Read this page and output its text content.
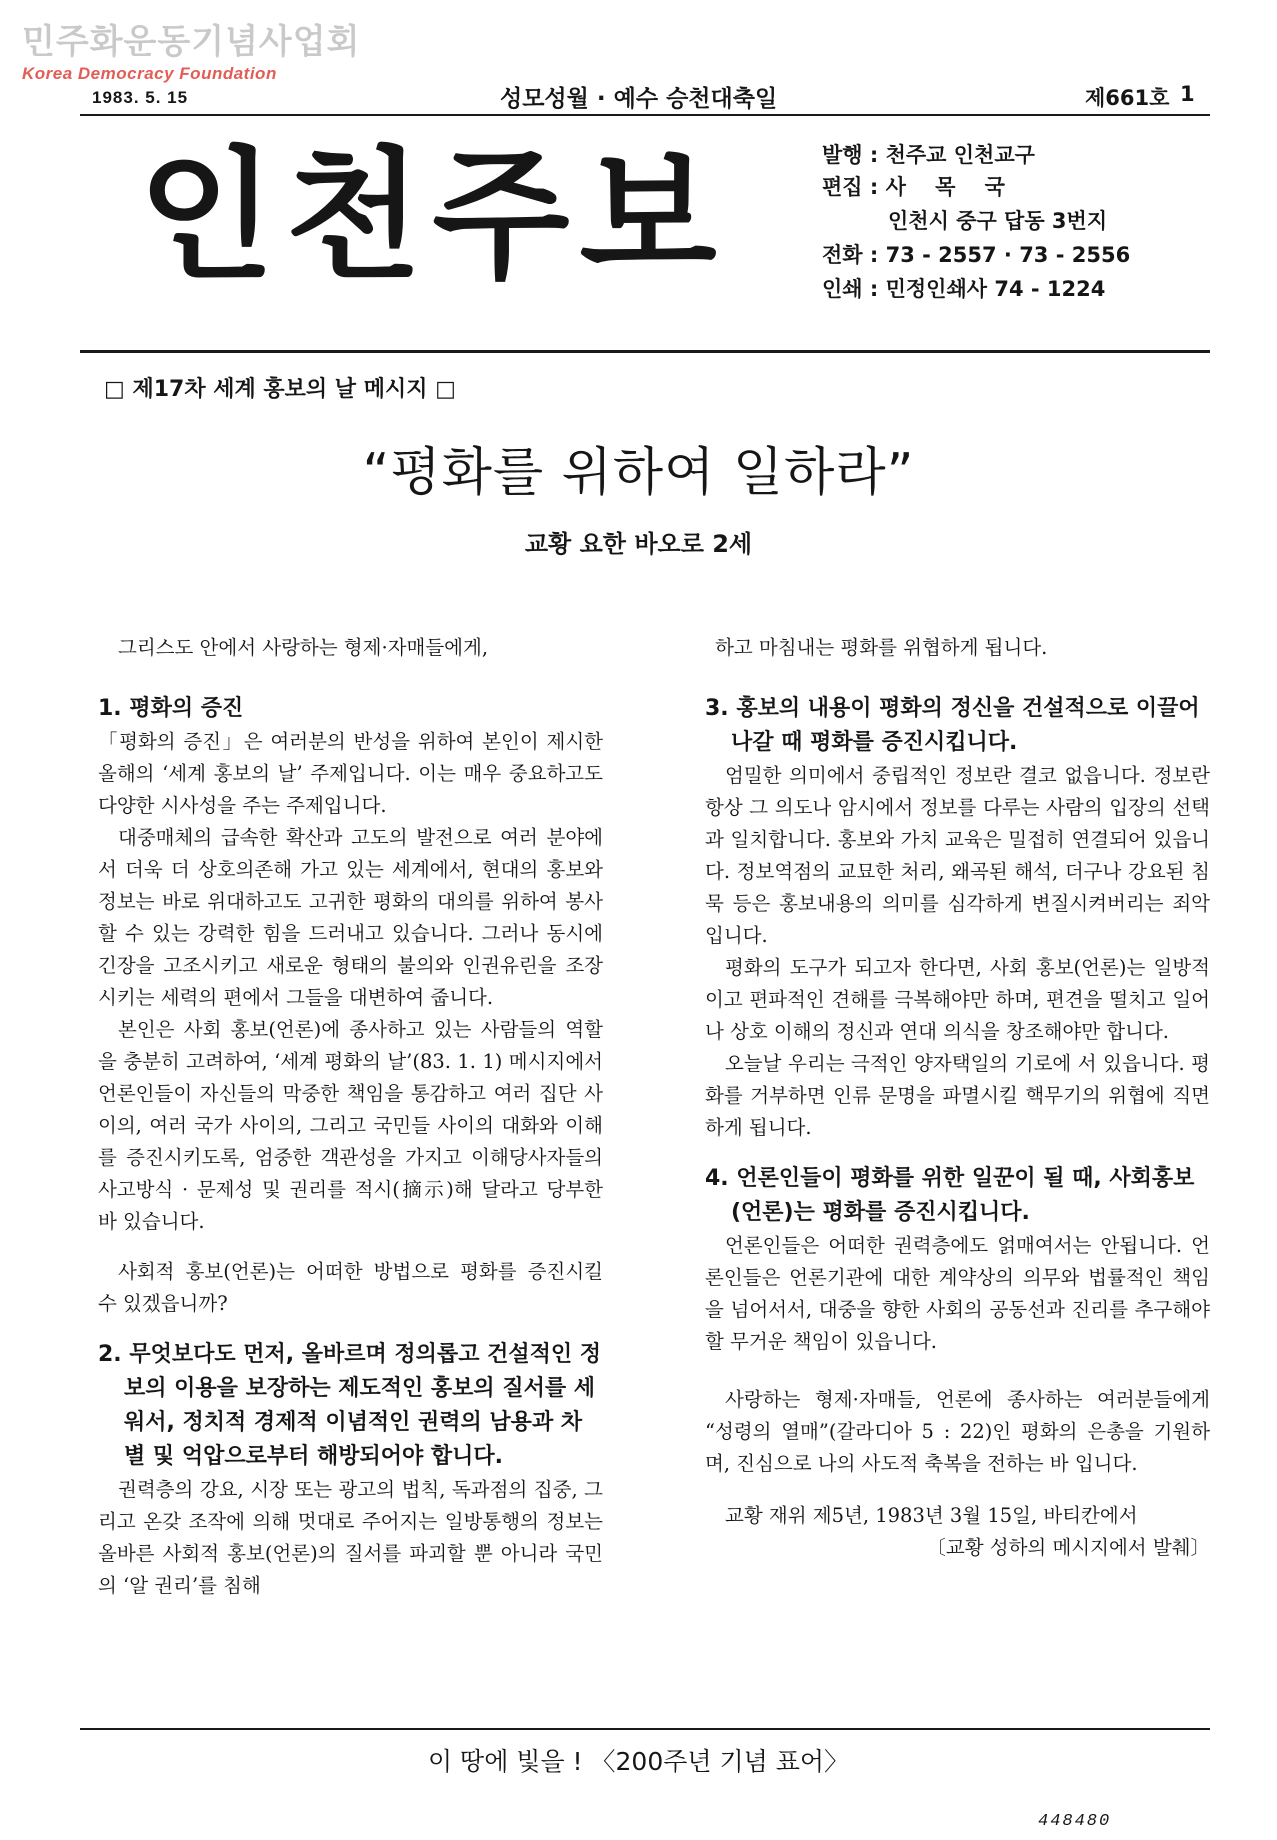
민주화운동기념사업회
Korea Democracy Foundation
1983. 5. 15	성모성월 · 예수 승천대축일	제661호 1
인천주보	발행 : 천주교 인천교구
편집 : 사    목    국
인천시 중구 답동 3번지
전화 : 73 - 2557 · 73 - 2556
인쇄 : 민정인쇄사 74 - 1224
□ 제17차 세계 홍보의 날 메시지 □
“평화를 위하여 일하라”
교황 요한 바오로 2세

그리스도 안에서 사랑하는 형제·자매들에게,

1. 평화의 증진

「평화의 증진」은 여러분의 반성을 위하여 본인이 제시한 올해의 ‘세계 홍보의 날’ 주제입니다. 이는 매우 중요하고도 다양한 시사성을 주는 주제입니다.

대중매체의 급속한 확산과 고도의 발전으로 여러 분야에서 더욱 더 상호의존해 가고 있는 세계에서, 현대의 홍보와 정보는 바로 위대하고도 고귀한 평화의 대의를 위하여 봉사할 수 있는 강력한 힘을 드러내고 있습니다. 그러나 동시에 긴장을 고조시키고 새로운 형태의 불의와 인권유린을 조장시키는 세력의 편에서 그들을 대변하여 줍니다.

본인은 사회 홍보(언론)에 종사하고 있는 사람들의 역할을 충분히 고려하여, ‘세계 평화의 날’(83. 1. 1) 메시지에서 언론인들이 자신들의 막중한 책임을 통감하고 여러 집단 사이의, 여러 국가 사이의, 그리고 국민들 사이의 대화와 이해를 증진시키도록, 엄중한 객관성을 가지고 이해당사자들의 사고방식 · 문제성 및 권리를 적시(摘示)해 달라고 당부한 바 있습니다.

사회적 홍보(언론)는 어떠한 방법으로 평화를 증진시킬 수 있겠읍니까?

2. 무엇보다도 먼저, 올바르며 정의롭고 건설적인 정보의 이용을 보장하는 제도적인 홍보의 질서를 세워서, 정치적 경제적 이념적인 권력의 남용과 차별 및 억압으로부터 해방되어야 합니다.

권력층의 강요, 시장 또는 광고의 법칙, 독과점의 집중, 그리고 온갖 조작에 의해 멋대로 주어지는 일방통행의 정보는 올바른 사회적 홍보(언론)의 질서를 파괴할 뿐 아니라 국민의 ‘알 권리’를 침해

하고 마침내는 평화를 위협하게 됩니다.

3. 홍보의 내용이 평화의 정신을 건설적으로 이끌어 나갈 때 평화를 증진시킵니다.

엄밀한 의미에서 중립적인 정보란 결코 없읍니다. 정보란 항상 그 의도나 암시에서 정보를 다루는 사람의 입장의 선택과 일치합니다. 홍보와 가치 교육은 밀접히 연결되어 있읍니다. 정보역점의 교묘한 처리, 왜곡된 해석, 더구나 강요된 침묵 등은 홍보내용의 의미를 심각하게 변질시켜버리는 죄악입니다.

평화의 도구가 되고자 한다면, 사회 홍보(언론)는 일방적이고 편파적인 견해를 극복해야만 하며, 편견을 떨치고 일어나 상호 이해의 정신과 연대 의식을 창조해야만 합니다.

오늘날 우리는 극적인 양자택일의 기로에 서 있읍니다. 평화를 거부하면 인류 문명을 파멸시킬 핵무기의 위협에 직면하게 됩니다.

4. 언론인들이 평화를 위한 일꾼이 될 때, 사회홍보(언론)는 평화를 증진시킵니다.

언론인들은 어떠한 권력층에도 얽매여서는 안됩니다. 언론인들은 언론기관에 대한 계약상의 의무와 법률적인 책임을 넘어서서, 대중을 향한 사회의 공동선과 진리를 추구해야 할 무거운 책임이 있읍니다.

사랑하는 형제·자매들, 언론에 종사하는 여러분들에게 “성령의 열매”(갈라디아 5 : 22)인 평화의 은총을 기원하며, 진심으로 나의 사도적 축복을 전하는 바 입니다.

교황 재위 제5년, 1983년 3월 15일, 바티칸에서

〔교황 성하의 메시지에서 발췌〕

이 땅에 빛을 ! 〈200주년 기념 표어〉
448480
